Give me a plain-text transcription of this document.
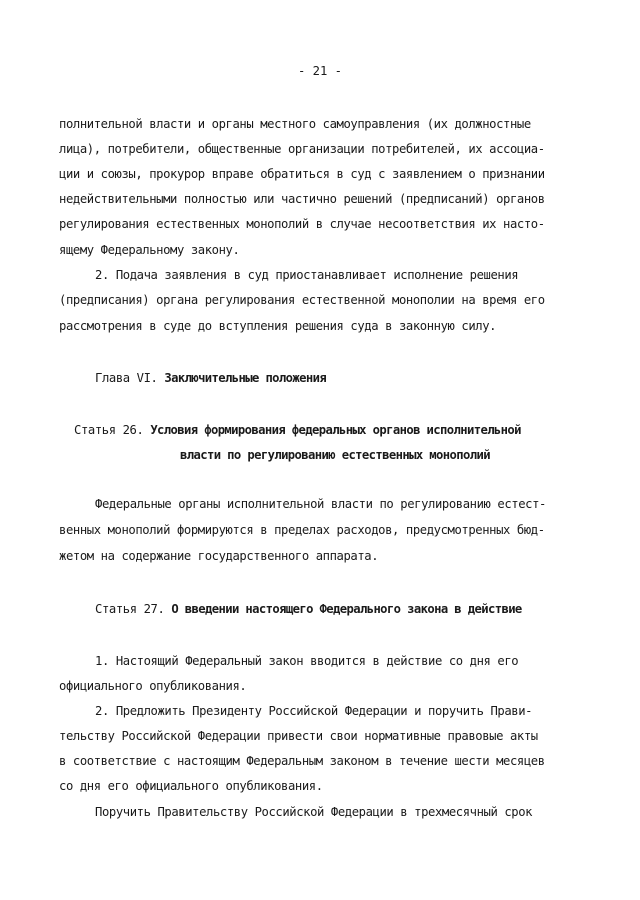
- 21 -
полнительной власти и органы местного самоуправления (их должностные
лица), потребители, общественные организации потребителей, их ассоциа-
ции и союзы, прокурор вправе обратиться в суд с заявлением о признании
недействительными полностью или частично решений (предписаний) органов
регулирования естественных монополий в случае несоответствия их насто-
ящему Федеральному закону.
2. Подача заявления в суд приостанавливает исполнение решения
(предписания) органа регулирования естественной монополии на время его
рассмотрения в суде до вступления решения суда в законную силу.
Глава VI. Заключительные положения
Статья 26. Условия формирования федеральных органов исполнительной
власти по регулированию естественных монополий
Федеральные органы исполнительной власти по регулированию естест-
венных монополий формируются в пределах расходов, предусмотренных бюд-
жетом на содержание государственного аппарата.
Статья 27. О введении настоящего Федерального закона в действие
1. Настоящий Федеральный закон вводится в действие со дня его
официального опубликования.
2. Предложить Президенту Российской Федерации и поручить Прави-
тельству Российской Федерации привести свои нормативные правовые акты
в соответствие с настоящим Федеральным законом в течение шести месяцев
со дня его официального опубликования.
Поручить Правительству Российской Федерации в трехмесячный срок
